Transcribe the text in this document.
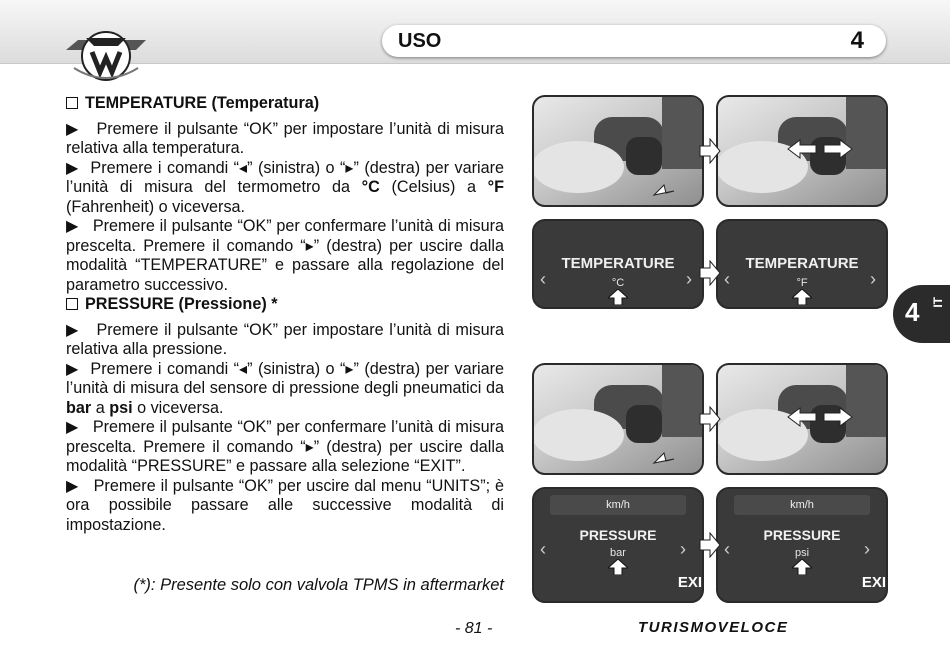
USO	4
4 IT

TEMPERATURE (Temperatura)

▶ Premere il pulsante “OK” per impostare l’unità di misura relativa alla temperatura.

▶ Premere i comandi “◂” (sinistra) o “▸” (destra) per variare l’unità di misura del termometro da °C (Celsius) a °F (Fahrenheit) o viceversa.

▶ Premere il pulsante “OK” per confermare l’unità di misura prescelta. Premere il comando “▸” (destra) per uscire dalla modalità “TEMPERATURE” e passare alla regolazione del parametro successivo.

PRESSURE (Pressione) *

▶ Premere il pulsante “OK” per impostare l’unità di misura relativa alla pressione.

▶ Premere i comandi “◂” (sinistra) o “▸” (destra) per variare l’unità di misura del sensore di pressione degli pneumatici da bar a psi o viceversa.

▶ Premere il pulsante “OK” per confermare l’unità di misura prescelta. Premere il comando “▸” (destra) per uscire dalla modalità “PRESSURE” e passare alla selezione “EXIT”.

▶ Premere il pulsante “OK” per uscire dal menu “UNITS”; è ora possibile passare alle successive modalità di impostazione.

(*): Presente solo con valvola TPMS in aftermarket
- 81 -	TURISMOVELOCE
TEMPERATURE
°C
‹	›
TEMPERATURE
°F
‹	›
km/h
PRESSURE
bar
‹	›
EXI
km/h
PRESSURE
psi
‹	›
EXI
